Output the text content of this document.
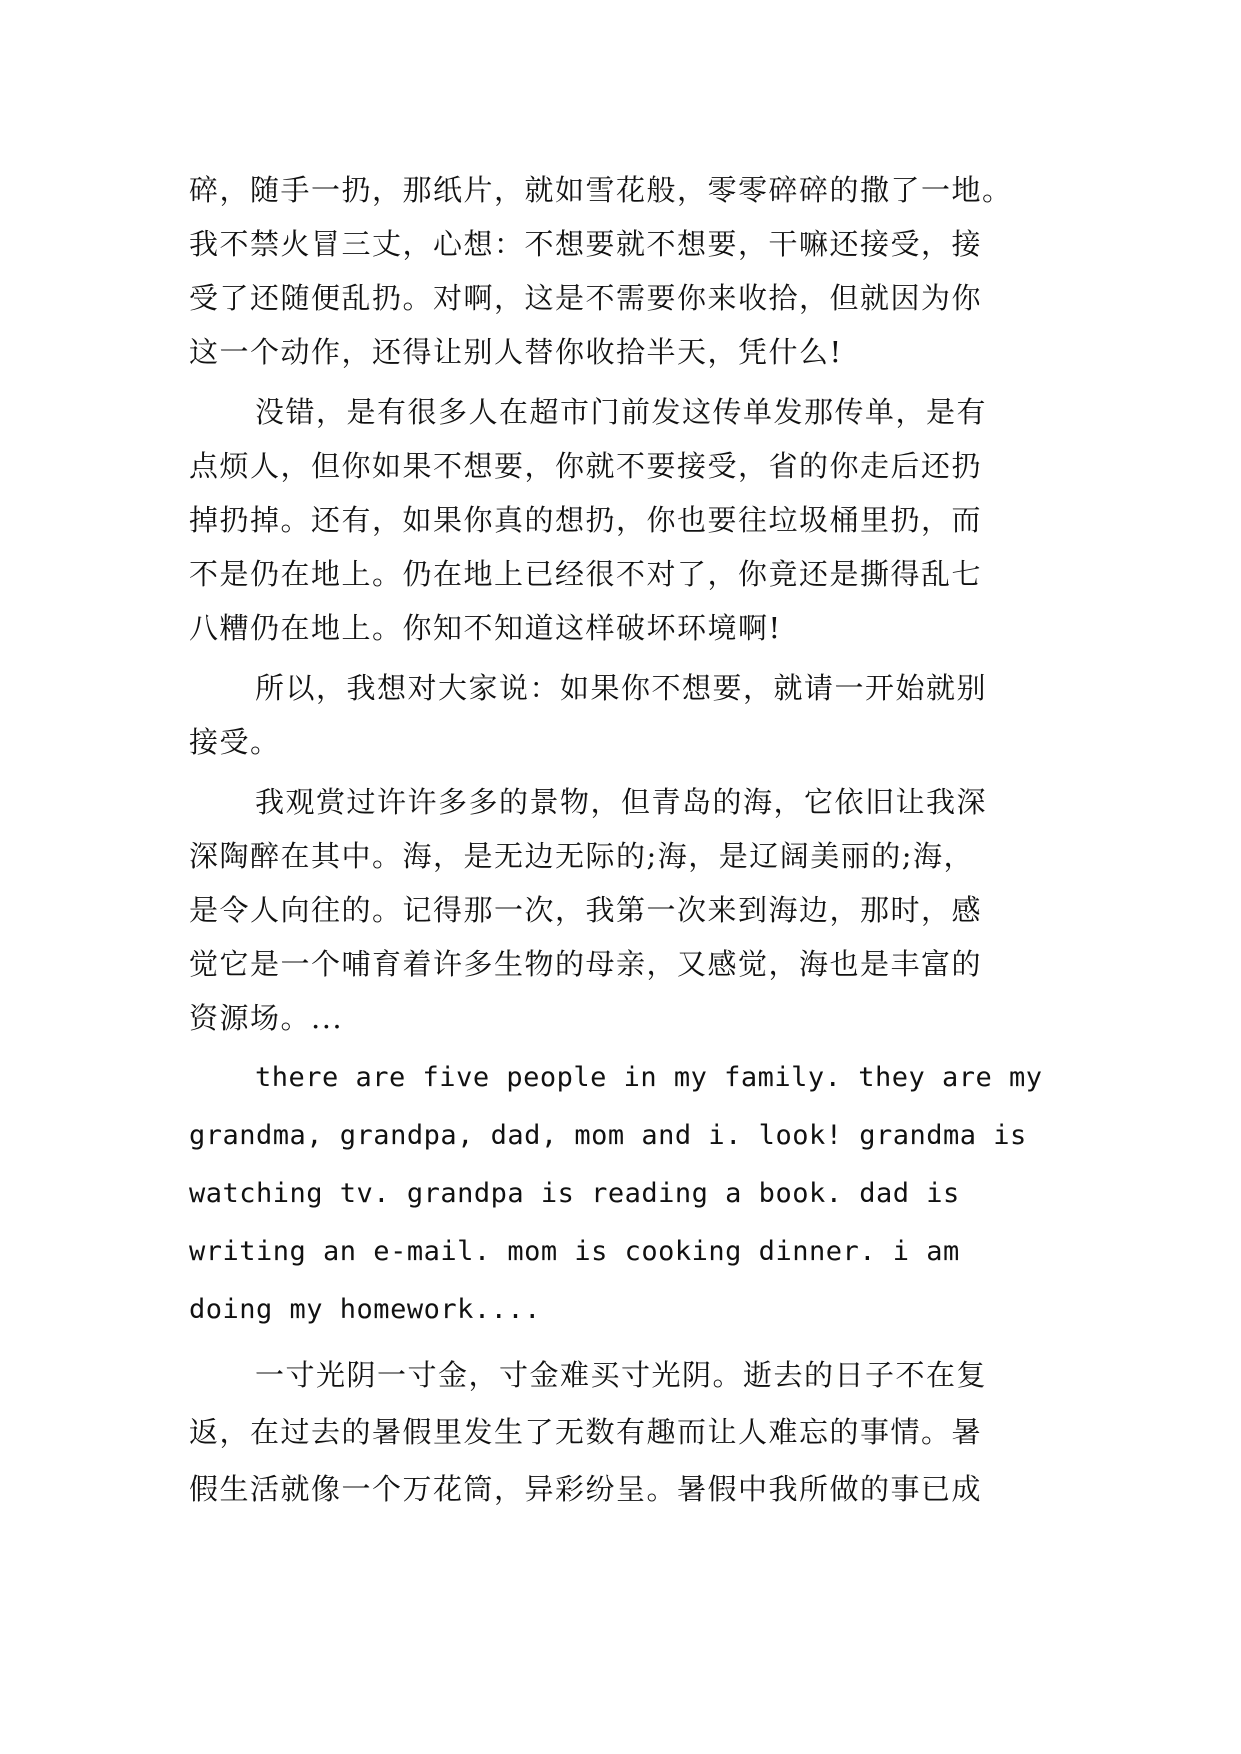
碎，随手一扔，那纸片，就如雪花般，零零碎碎的撒了一地。
我不禁火冒三丈，心想：不想要就不想要，干嘛还接受，接
受了还随便乱扔。对啊，这是不需要你来收拾，但就因为你
这一个动作，还得让别人替你收拾半天，凭什么!
没错，是有很多人在超市门前发这传单发那传单，是有
点烦人，但你如果不想要，你就不要接受，省的你走后还扔
掉扔掉。还有，如果你真的想扔，你也要往垃圾桶里扔，而
不是仍在地上。仍在地上已经很不对了，你竟还是撕得乱七
八糟仍在地上。你知不知道这样破坏环境啊!
所以，我想对大家说：如果你不想要，就请一开始就别
接受。
我观赏过许许多多的景物，但青岛的海，它依旧让我深
深陶醉在其中。海，是无边无际的;海，是辽阔美丽的;海，
是令人向往的。记得那一次，我第一次来到海边，那时，感
觉它是一个哺育着许多生物的母亲，又感觉，海也是丰富的
资源场。...
there are five people in my family. they are my
grandma, grandpa, dad, mom and i. look! grandma is
watching tv. grandpa is reading a book. dad is
writing an e-mail. mom is cooking dinner. i am
doing my homework....
一寸光阴一寸金，寸金难买寸光阴。逝去的日子不在复
返，在过去的暑假里发生了无数有趣而让人难忘的事情。暑
假生活就像一个万花筒，异彩纷呈。暑假中我所做的事已成
